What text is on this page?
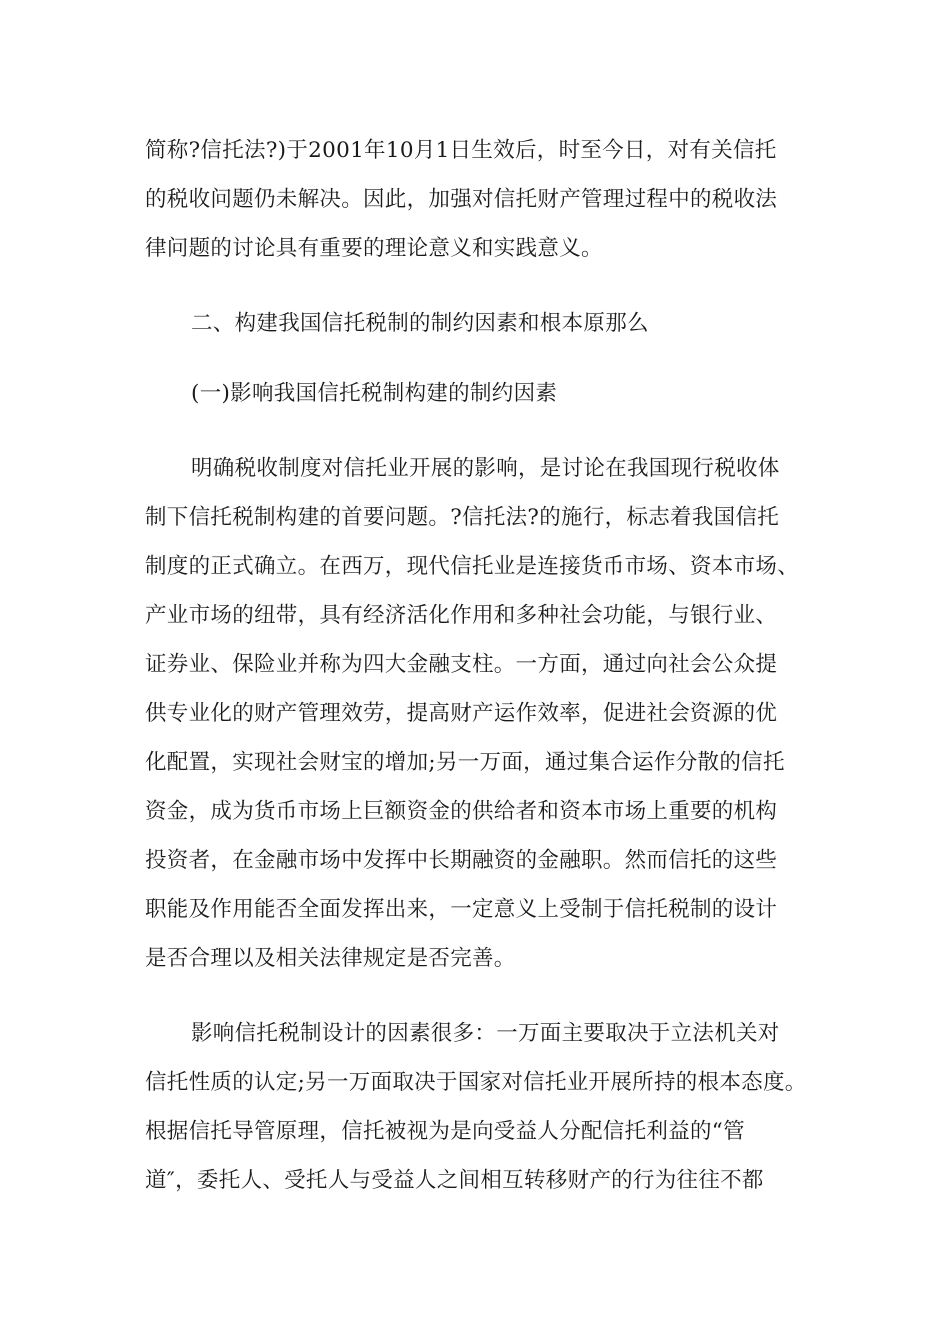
简称?信托法?)于2001年10月1日生效后，时至今日，对有关信托
的税收问题仍未解决。因此，加强对信托财产管理过程中的税收法
律问题的讨论具有重要的理论意义和实践意义。
二、构建我国信托税制的制约因素和根本原那么
(一)影响我国信托税制构建的制约因素
明确税收制度对信托业开展的影响，是讨论在我国现行税收体
制下信托税制构建的首要问题。?信托法?的施行，标志着我国信托
制度的正式确立。在西万，现代信托业是连接货币市场、资本市场、
产业市场的纽带，具有经济活化作用和多种社会功能，与银行业、
证券业、保险业并称为四大金融支柱。一方面，通过向社会公众提
供专业化的财产管理效劳，提高财产运作效率，促进社会资源的优
化配置，实现社会财宝的增加;另一万面，通过集合运作分散的信托
资金，成为货币市场上巨额资金的供给者和资本市场上重要的机构
投资者，在金融市场中发挥中长期融资的金融职。然而信托的这些
职能及作用能否全面发挥出来，一定意义上受制于信托税制的设计
是否合理以及相关法律规定是否完善。
影响信托税制设计的因素很多：一万面主要取决于立法机关对
信托性质的认定;另一万面取决于国家对信托业开展所持的根本态度。
根据信托导管原理，信托被视为是向受益人分配信托利益的“管
道″，委托人、受托人与受益人之间相互转移财产的行为往往不都
